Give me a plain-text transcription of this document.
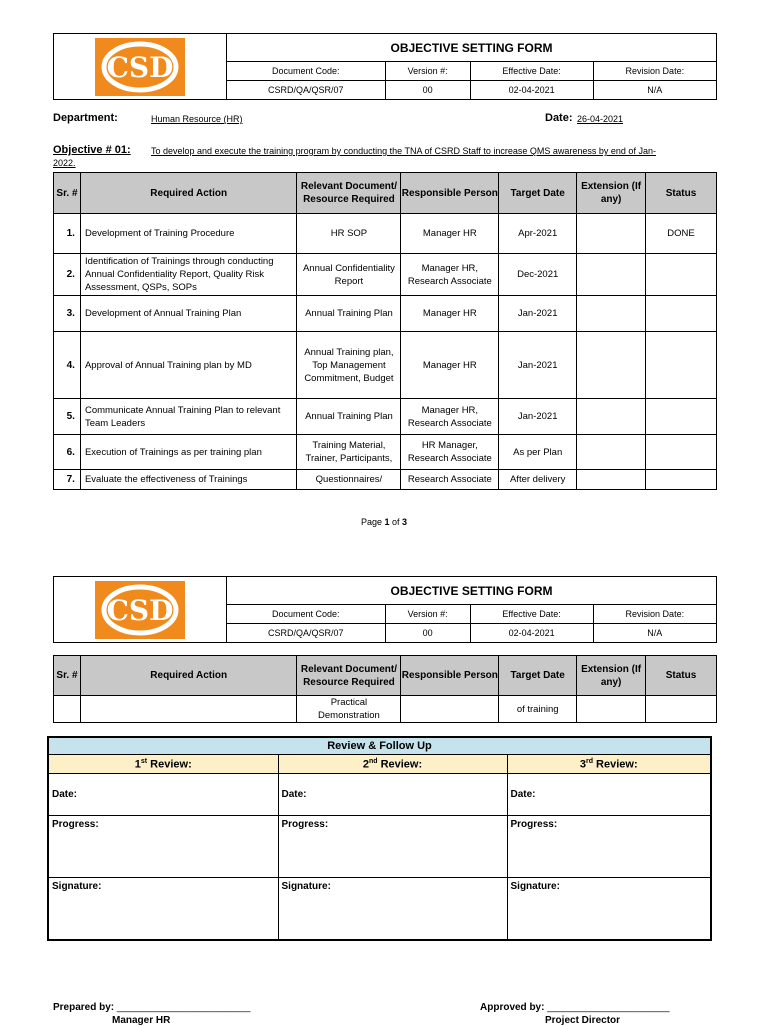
CSD	OBJECTIVE SETTING FORM			
	Document Code:	Version #:	Effective Date:	Revision Date:
	CSRD/QA/QSR/07	00	02-04-2021	N/A
Department:	Human Resource (HR)	Date: 26-04-2021
Objective # 01: To develop and execute the training program by conducting the TNA of CSRD Staff to increase QMS awareness by end of Jan-
2022.
Sr. #	Required Action	Relevant Document/ Resource Required	Responsible Person	Target Date	Extension (If any)	Status
1.	Development of Training Procedure	HR SOP	Manager HR	Apr-2021		DONE
2.	Identification of Trainings through conducting Annual Confidentiality Report, Quality Risk Assessment, QSPs, SOPs	Annual Confidentiality Report	Manager HR, Research Associate	Dec-2021		
3.	Development of Annual Training Plan	Annual Training Plan	Manager HR	Jan-2021		
4.	Approval of Annual Training plan by MD	Annual Training plan, Top Management Commitment, Budget	Manager HR	Jan-2021		
5.	Communicate Annual Training Plan to relevant Team Leaders	Annual Training Plan	Manager HR, Research Associate	Jan-2021		
6.	Execution of Trainings as per training plan	Training Material, Trainer, Participants,	HR Manager, Research Associate	As per Plan		
7.	Evaluate the effectiveness of Trainings	Questionnaires/	Research Associate	After delivery		
Page 1 of 3
CSD	OBJECTIVE SETTING FORM			
	Document Code:	Version #:	Effective Date:	Revision Date:
	CSRD/QA/QSR/07	00	02-04-2021	N/A
Sr. #	Required Action	Relevant Document/ Resource Required	Responsible Person	Target Date	Extension (If any)	Status
		Practical Demonstration		of training		
Review & Follow Up		
1st Review:	2nd Review:	3rd Review:
Date:	Date:	Date:
Progress:	Progress:	Progress:
Signature:	Signature:	Signature:
Prepared by: ________________________
Manager HR
Approved by: ______________________
Project Director
